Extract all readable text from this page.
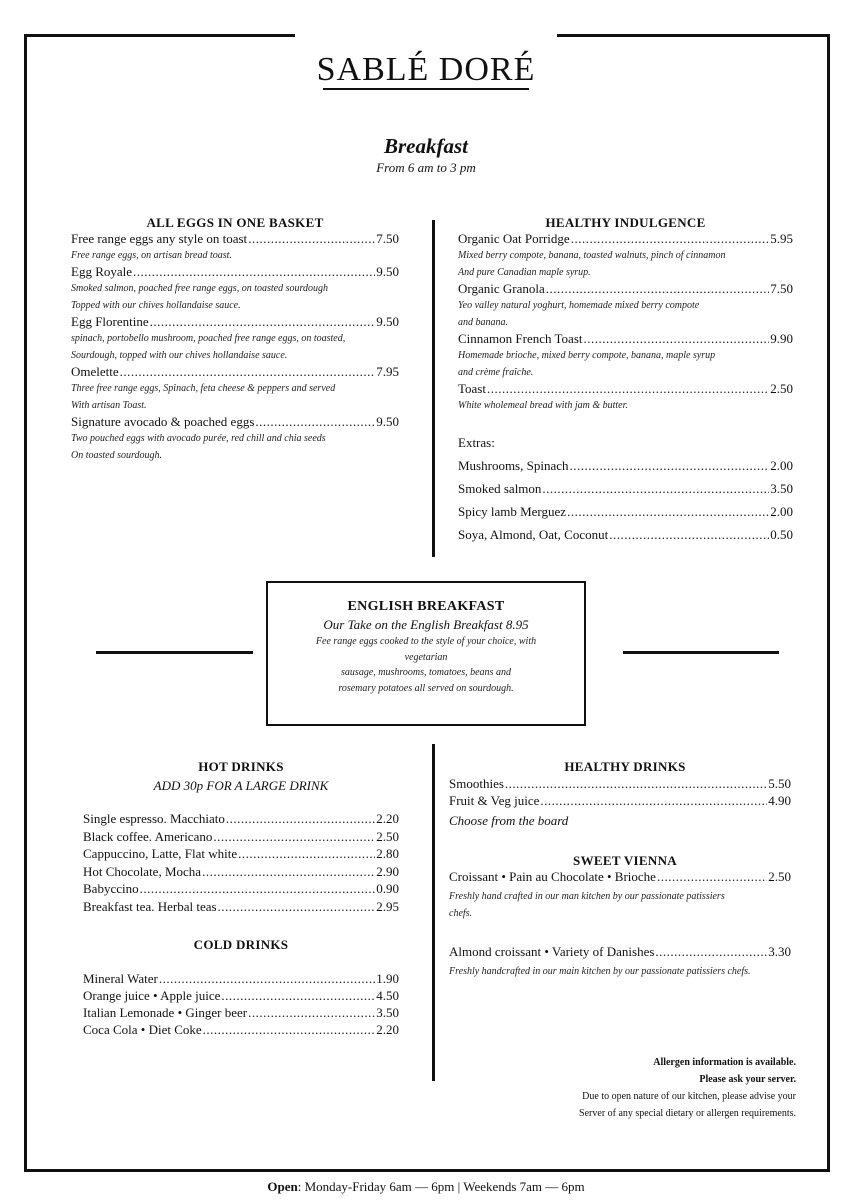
SABLÉ DORÉ
Breakfast
From 6 am to 3 pm
ALL EGGS IN ONE BASKET
Free range eggs any style on toast .....	7.50
Free range eggs, on artisan bread toast.
Egg Royale .....	9.50
Smoked salmon, poached free range eggs, on toasted sourdough
Topped with our chives hollandaise sauce.
Egg Florentine .....	9.50
spinach, portobello mushroom, poached free range eggs, on toasted,
Sourdough, topped with our chives hollandaise sauce.
Omelette .....	7.95
Three free range eggs, Spinach, feta cheese & peppers and served
With artisan Toast.
Signature avocado & poached eggs .....	9.50
Two pouched eggs with avocado purée, red chill and chia seeds
On toasted sourdough.
HEALTHY INDULGENCE
Organic Oat Porridge .....	5.95
Mixed berry compote, banana, toasted walnuts, pinch of cinnamon
And pure Canadian maple syrup.
Organic Granola .....	7.50
Yeo valley natural yoghurt, homemade mixed berry compote
and banana.
Cinnamon French Toast .....	9.90
Homemade brioche, mixed berry compote, banana, maple syrup
and crème fraîche.
Toast .....	2.50
White wholemeal bread with jam & butter.
Extras:
Mushrooms, Spinach .....	2.00
Smoked salmon .....	3.50
Spicy lamb Merguez .....	2.00
Soya, Almond, Oat, Coconut .....	0.50
ENGLISH BREAKFAST
Our Take on the English Breakfast 8.95
Fee range eggs cooked to the style of your choice, with
vegetarian
sausage, mushrooms, tomatoes, beans and
rosemary potatoes all served on sourdough.
HOT DRINKS
ADD 30p FOR A LARGE DRINK
Single espresso. Macchiato .....	2.20
Black coffee. Americano .....	2.50
Cappuccino, Latte, Flat white .....	2.80
Hot Chocolate, Mocha .....	2.90
Babyccino .....	0.90
Breakfast tea. Herbal teas .....	2.95
COLD DRINKS
Mineral Water .....	1.90
Orange juice • Apple juice .....	4.50
Italian Lemonade • Ginger beer .....	3.50
Coca Cola • Diet Coke .....	2.20
HEALTHY DRINKS
Smoothies .....	5.50
Fruit & Veg juice .....	4.90
Choose from the board
SWEET VIENNA
Croissant • Pain au Chocolate • Brioche .....	2.50
Freshly hand crafted in our man kitchen by our passionate patissiers
chefs.
Almond croissant • Variety of Danishes .....	3.30
Freshly handcrafted in our main kitchen by our passionate patissiers chefs.
Allergen information is available.
Please ask your server.
Due to open nature of our kitchen, please advise your
Server of any special dietary or allergen requirements.
Open: Monday-Friday 6am — 6pm | Weekends 7am — 6pm
